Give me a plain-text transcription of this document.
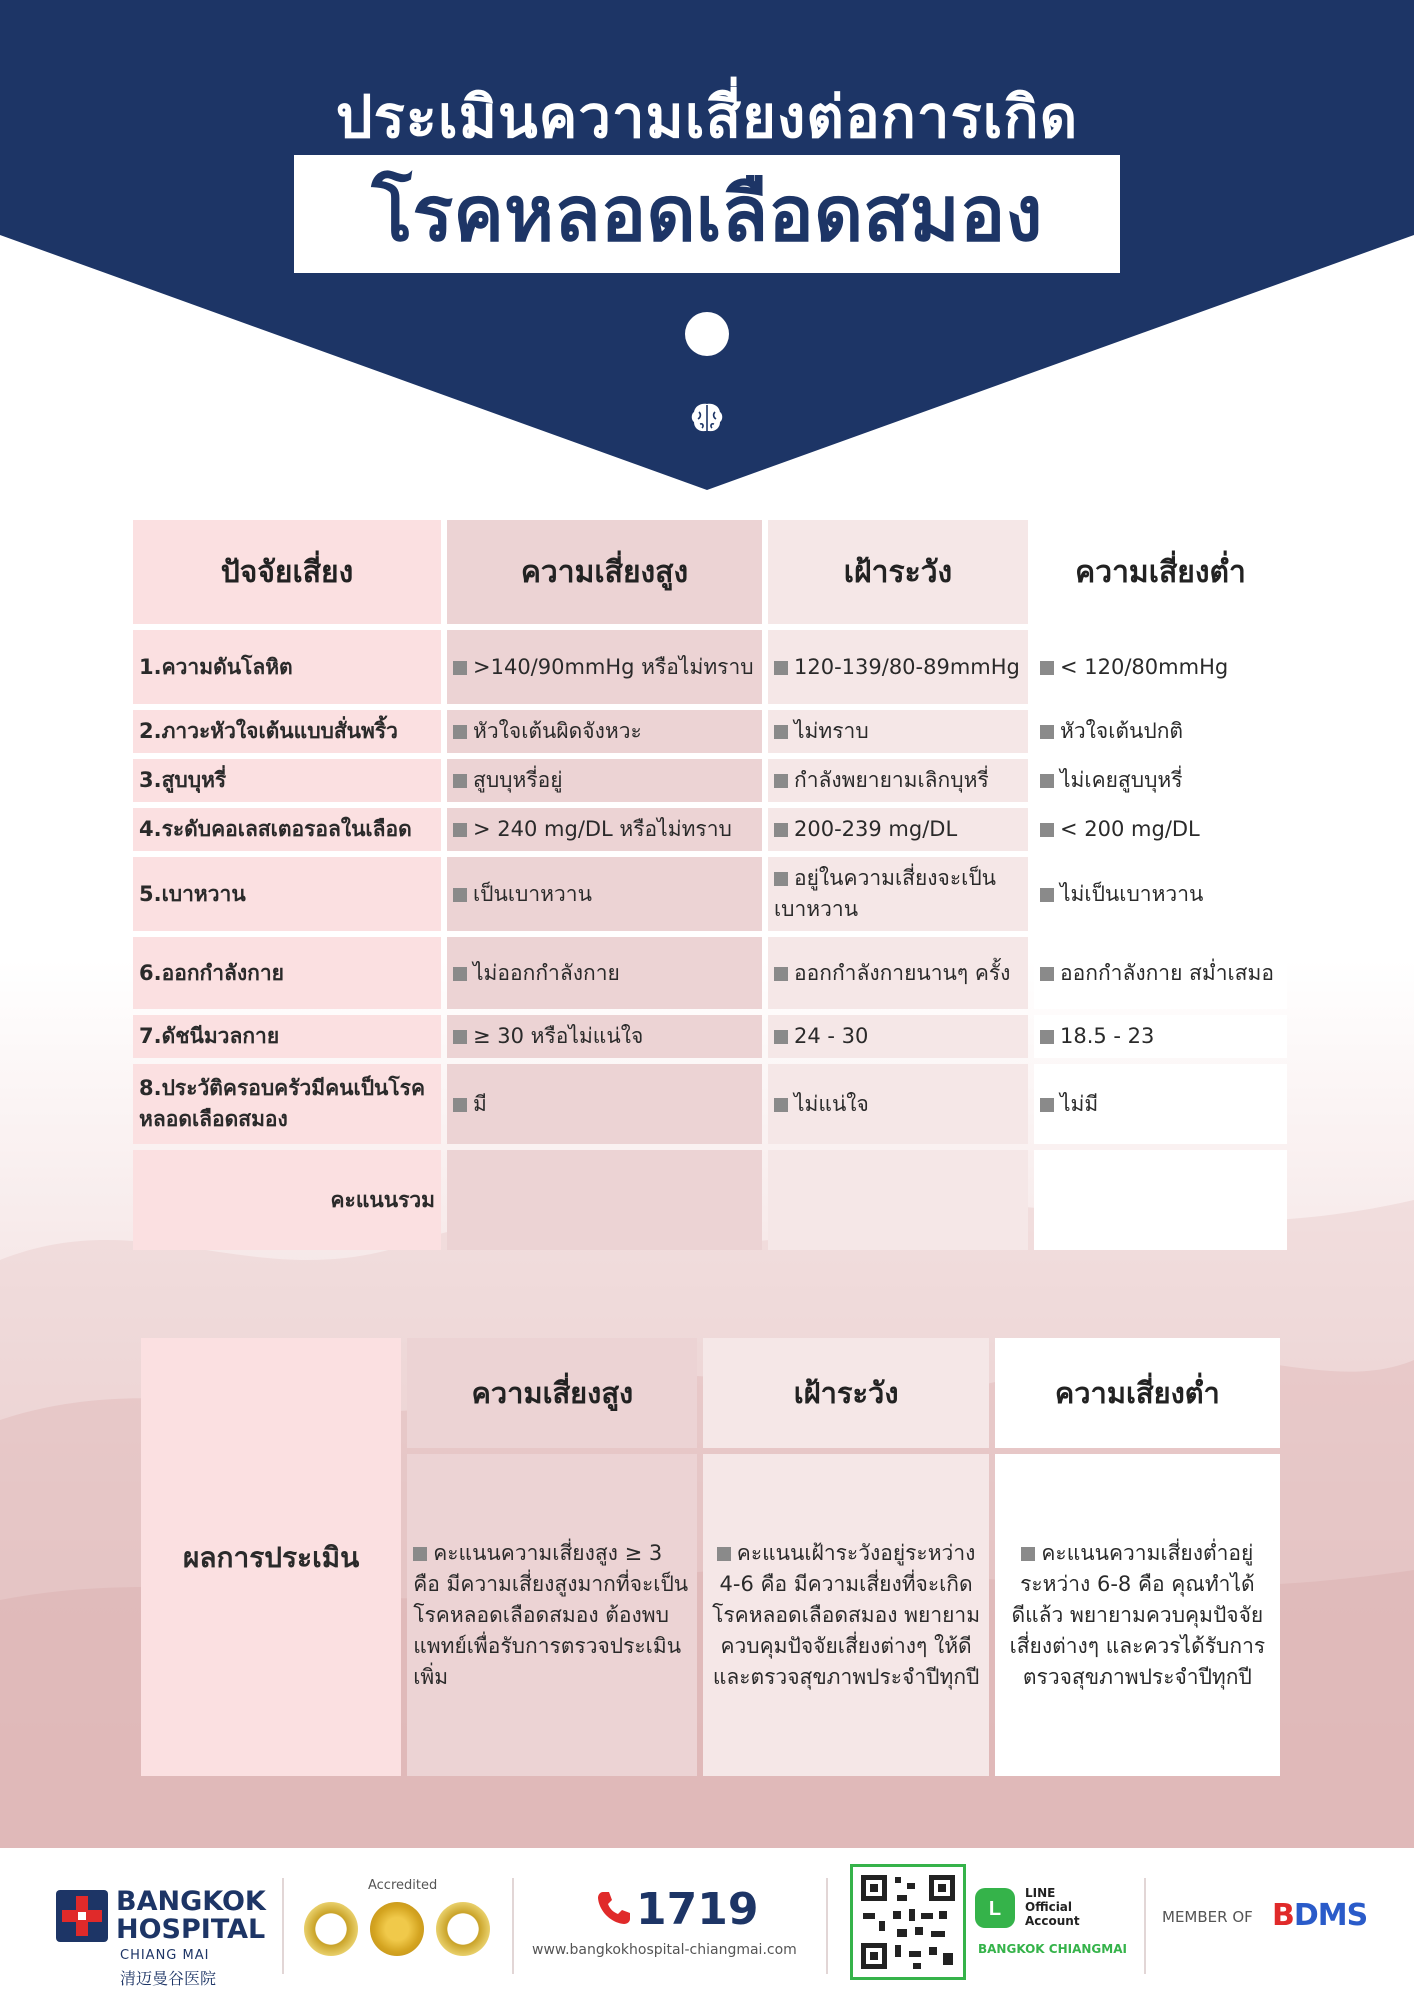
ประเมินความเสี่ยงต่อการเกิด
โรคหลอดเลือดสมอง
ปัจจัยเสี่ยง	ความเสี่ยงสูง	เฝ้าระวัง	ความเสี่ยงต่ำ
1.ความดันโลหิต	>140/90mmHg หรือไม่ทราบ	120-139/80-89mmHg	< 120/80mmHg
2.ภาวะหัวใจเต้นแบบสั่นพริ้ว	หัวใจเต้นผิดจังหวะ	ไม่ทราบ	หัวใจเต้นปกติ
3.สูบบุหรี่	สูบบุหรี่อยู่	กำลังพยายามเลิกบุหรี่	ไม่เคยสูบบุหรี่
4.ระดับคอเลสเตอรอลในเลือด	> 240 mg/DL หรือไม่ทราบ	200-239 mg/DL	< 200 mg/DL
5.เบาหวาน	เป็นเบาหวาน	อยู่ในความเสี่ยงจะเป็นเบาหวาน	ไม่เป็นเบาหวาน
6.ออกกำลังกาย	ไม่ออกกำลังกาย	ออกกำลังกายนานๆ ครั้ง	ออกกำลังกาย สม่ำเสมอ
7.ดัชนีมวลกาย	≥ 30 หรือไม่แน่ใจ	24 - 30	18.5 - 23
8.ประวัติครอบครัวมีคนเป็นโรคหลอดเลือดสมอง	มี	ไม่แน่ใจ	ไม่มี
คะแนนรวม			
ผลการประเมิน	ความเสี่ยงสูง	เฝ้าระวัง	ความเสี่ยงต่ำ
	คะแนนความเสี่ยงสูง ≥ 3 คือ มีความเสี่ยงสูงมากที่จะเป็นโรคหลอดเลือดสมอง ต้องพบแพทย์เพื่อรับการตรวจประเมินเพิ่ม	คะแนนเฝ้าระวังอยู่ระหว่าง 4-6 คือ มีความเสี่ยงที่จะเกิดโรคหลอดเลือดสมอง พยายามควบคุมปัจจัยเสี่ยงต่างๆ ให้ดีและตรวจสุขภาพประจำปีทุกปี	คะแนนความเสี่ยงต่ำอยู่ระหว่าง 6-8 คือ คุณทำได้ดีแล้ว พยายามควบคุมปัจจัยเสี่ยงต่างๆ และควรได้รับการตรวจสุขภาพประจำปีทุกปี
BANGKOK
HOSPITAL
CHIANG MAI
清迈曼谷医院
Accredited	1719
www.bangkokhospital-chiangmai.com
L
LINE
Official
Account
BANGKOK CHIANGMAI
MEMBER OF BDMS
